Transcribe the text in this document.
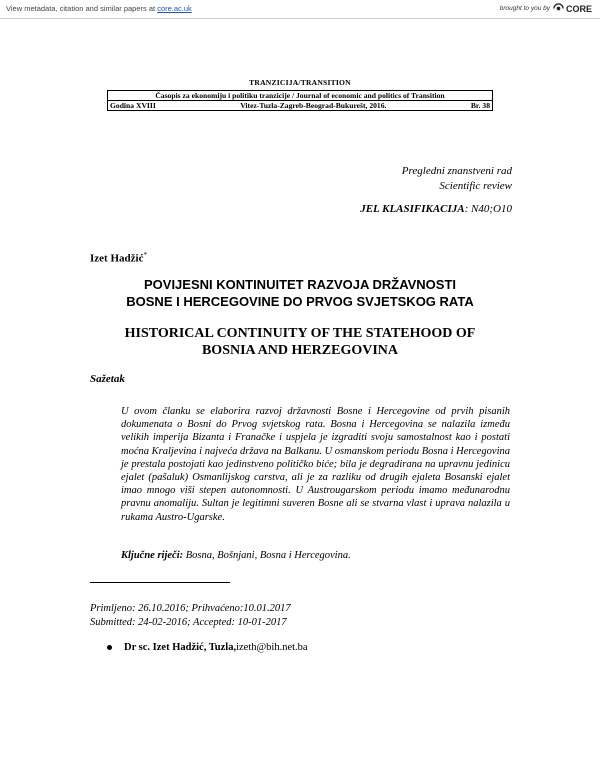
View metadata, citation and similar papers at core.ac.uk	brought to you by CORE
TRANZICIJA/TRANSITION
Časopis za ekonomiju i politiku tranzicije / Journal of economic and politics of Transition
Godina XVIII	Vitez-Tuzla-Zagreb-Beograd-Bukurešt, 2016.	Br. 38
Pregledni znanstveni rad
Scientific review
JEL KLASIFIKACIJA: N40;O10
Izet Hadžić*
POVIJESNI KONTINUITET RAZVOJA DRŽAVNOSTI
BOSNE I HERCEGOVINE DO PRVOG SVJETSKOG RATA
HISTORICAL CONTINUITY OF THE STATEHOOD OF
BOSNIA AND HERZEGOVINA
Sažetak
U ovom članku se elaborira razvoj državnosti Bosne i Hercegovine od prvih pisanih dokumenata o Bosni do Prvog svjetskog rata. Bosna i Hercegovina se nalazila između velikih imperija Bizanta i Franačke i uspjela je izgraditi svoju samostalnost kao i postati moćna Kraljevina i najveća država na Balkanu. U osmanskom periodu Bosna i Hercegovina je prestala postojati kao jedinstveno političko biće; bila je degradirana na upravnu jedinicu ejalet (pašaluk) Osmanlijskog carstva, ali je za razliku od drugih ejaleta Bosanski ejalet imao mnogo viši stepen autonomnosti. U Austrougarskom periodu imamo međunarodnu pravnu anomaliju. Sultan je legitimni suveren Bosne ali se stvarna vlast i uprava nalazila u rukama Austro-Ugarske.
Ključne riječi: Bosna, Bošnjani, Bosna i Hercegovina.
Primljeno: 26.10.2016; Prihvaćeno:10.01.2017
Submitted: 24-02-2016; Accepted: 10-01-2017
Dr sc. Izet Hadžić, Tuzla, izeth@bih.net.ba
